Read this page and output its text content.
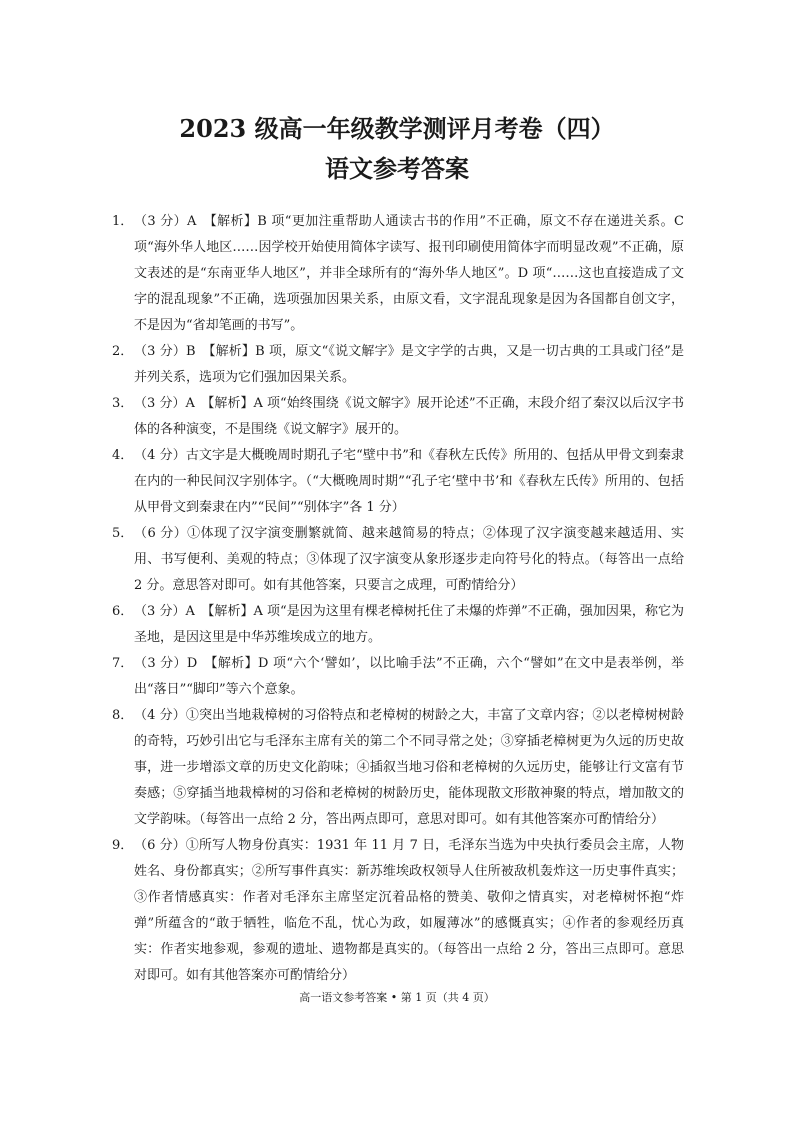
2023 级高一年级教学测评月考卷（四）
语文参考答案
1． （3 分）A　【解析】B 项“更加注重帮助人通读古书的作用”不正确，原文不存在递进关系。C 项“海外华人地区……因学校开始使用简体字读写、报刊印刷使用简体字而明显改观”不正确，原文表述的是“东南亚华人地区”，并非全球所有的“海外华人地区”。D 项“……这也直接造成了文字的混乱现象”不正确，选项强加因果关系，由原文看，文字混乱现象是因为各国都自创文字，不是因为“省却笔画的书写”。
2． （3 分）B　【解析】B 项，原文“《说文解字》是文字学的古典，又是一切古典的工具或门径”是并列关系，选项为它们强加因果关系。
3． （3 分）A　【解析】A 项“始终围绕《说文解字》展开论述”不正确，末段介绍了秦汉以后汉字书体的各种演变，不是围绕《说文解字》展开的。
4． （4 分）古文字是大概晚周时期孔子宅“壁中书”和《春秋左氏传》所用的、包括从甲骨文到秦隶在内的一种民间汉字别体字。（“大概晚周时期”“孔子宅‘壁中书’和《春秋左氏传》所用的、包括从甲骨文到秦隶在内”“民间”“别体字”各 1 分）
5． （6 分）①体现了汉字演变删繁就简、越来越简易的特点；②体现了汉字演变越来越适用、实用、书写便利、美观的特点；③体现了汉字演变从象形逐步走向符号化的特点。（每答出一点给 2 分。意思答对即可。如有其他答案，只要言之成理，可酌情给分）
6． （3 分）A　【解析】A 项“是因为这里有棵老樟树托住了未爆的炸弹”不正确，强加因果，称它为圣地，是因这里是中华苏维埃成立的地方。
7． （3 分）D　【解析】D 项“六个‘譬如’，以比喻手法”不正确，六个“譬如”在文中是表举例，举出“落日”“脚印”等六个意象。
8． （4 分）①突出当地栽樟树的习俗特点和老樟树的树龄之大，丰富了文章内容；②以老樟树树龄的奇特，巧妙引出它与毛泽东主席有关的第二个不同寻常之处；③穿插老樟树更为久远的历史故事，进一步增添文章的历史文化韵味；④插叙当地习俗和老樟树的久远历史，能够让行文富有节奏感；⑤穿插当地栽樟树的习俗和老樟树的树龄历史，能体现散文形散神聚的特点，增加散文的文学韵味。（每答出一点给 2 分，答出两点即可，意思对即可。如有其他答案亦可酌情给分）
9． （6 分）①所写人物身份真实：1931 年 11 月 7 日，毛泽东当选为中央执行委员会主席，人物姓名、身份都真实；②所写事件真实：新苏维埃政权领导人住所被敌机轰炸这一历史事件真实；③作者情感真实：作者对毛泽东主席坚定沉着品格的赞美、敬仰之情真实，对老樟树怀抱“炸弹”所蕴含的“敢于牺牲，临危不乱，忧心为政，如履薄冰”的感慨真实；④作者的参观经历真实：作者实地参观，参观的遗址、遗物都是真实的。（每答出一点给 2 分，答出三点即可。意思对即可。如有其他答案亦可酌情给分）
高一语文参考答案 • 第 1 页（共 4 页）
